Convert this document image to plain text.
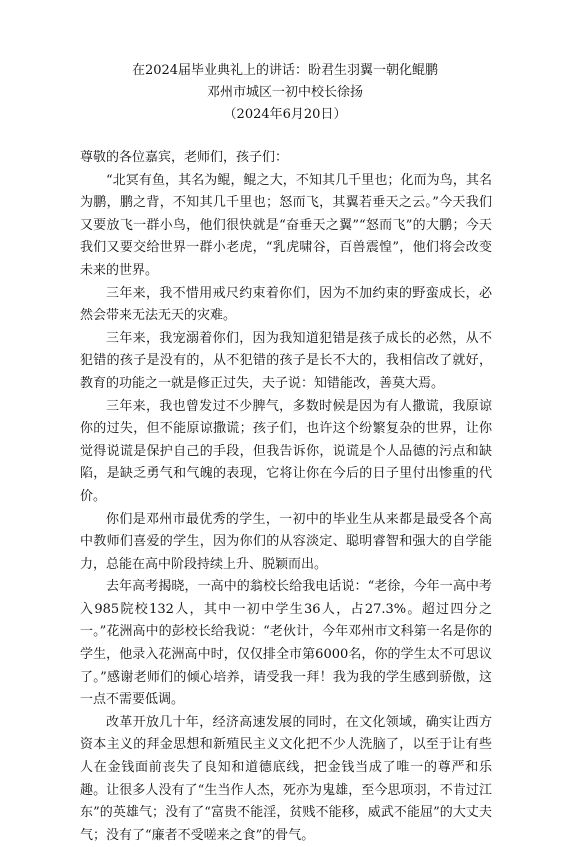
在2024届毕业典礼上的讲话：盼君生羽翼一朝化鲲鹏
邓州市城区一初中校长徐扬
（2024年6月20日）

尊敬的各位嘉宾，老师们，孩子们：

“北冥有鱼，其名为鲲，鲲之大，不知其几千里也；化而为鸟，其名为鹏，鹏之背，不知其几千里也；怒而飞，其翼若垂天之云。”今天我们又要放飞一群小鸟，他们很快就是“奋垂天之翼”“怒而飞”的大鹏；今天我们又要交给世界一群小老虎，“乳虎啸谷，百兽震惶”，他们将会改变未来的世界。

三年来，我不惜用戒尺约束着你们，因为不加约束的野蛮成长，必然会带来无法无天的灾难。

三年来，我宠溺着你们，因为我知道犯错是孩子成长的必然，从不犯错的孩子是没有的，从不犯错的孩子是长不大的，我相信改了就好，教育的功能之一就是修正过失，夫子说：知错能改，善莫大焉。

三年来，我也曾发过不少脾气，多数时候是因为有人撒谎，我原谅你的过失，但不能原谅撒谎；孩子们，也许这个纷繁复杂的世界，让你觉得说谎是保护自己的手段，但我告诉你，说谎是个人品德的污点和缺陷，是缺乏勇气和气魄的表现，它将让你在今后的日子里付出惨重的代价。

你们是邓州市最优秀的学生，一初中的毕业生从来都是最受各个高中教师们喜爱的学生，因为你们的从容淡定、聪明睿智和强大的自学能力，总能在高中阶段持续上升、脱颖而出。

去年高考揭晓，一高中的翁校长给我电话说：“老徐，今年一高中考入985院校132人，其中一初中学生36人，占27.3%。超过四分之一。”花洲高中的彭校长给我说：“老伙计，今年邓州市文科第一名是你的学生，他录入花洲高中时，仅仅排全市第6000名，你的学生太不可思议了。”感谢老师们的倾心培养，请受我一拜！我为我的学生感到骄傲，这一点不需要低调。

改革开放几十年，经济高速发展的同时，在文化领域，确实让西方资本主义的拜金思想和新殖民主义文化把不少人洗脑了，以至于让有些人在金钱面前丧失了良知和道德底线，把金钱当成了唯一的尊严和乐趣。让很多人没有了“生当作人杰，死亦为鬼雄，至今思项羽，不肯过江东”的英雄气；没有了“富贵不能淫，贫贱不能移，威武不能屈”的大丈夫气；没有了“廉者不受嗟来之食”的骨气。
